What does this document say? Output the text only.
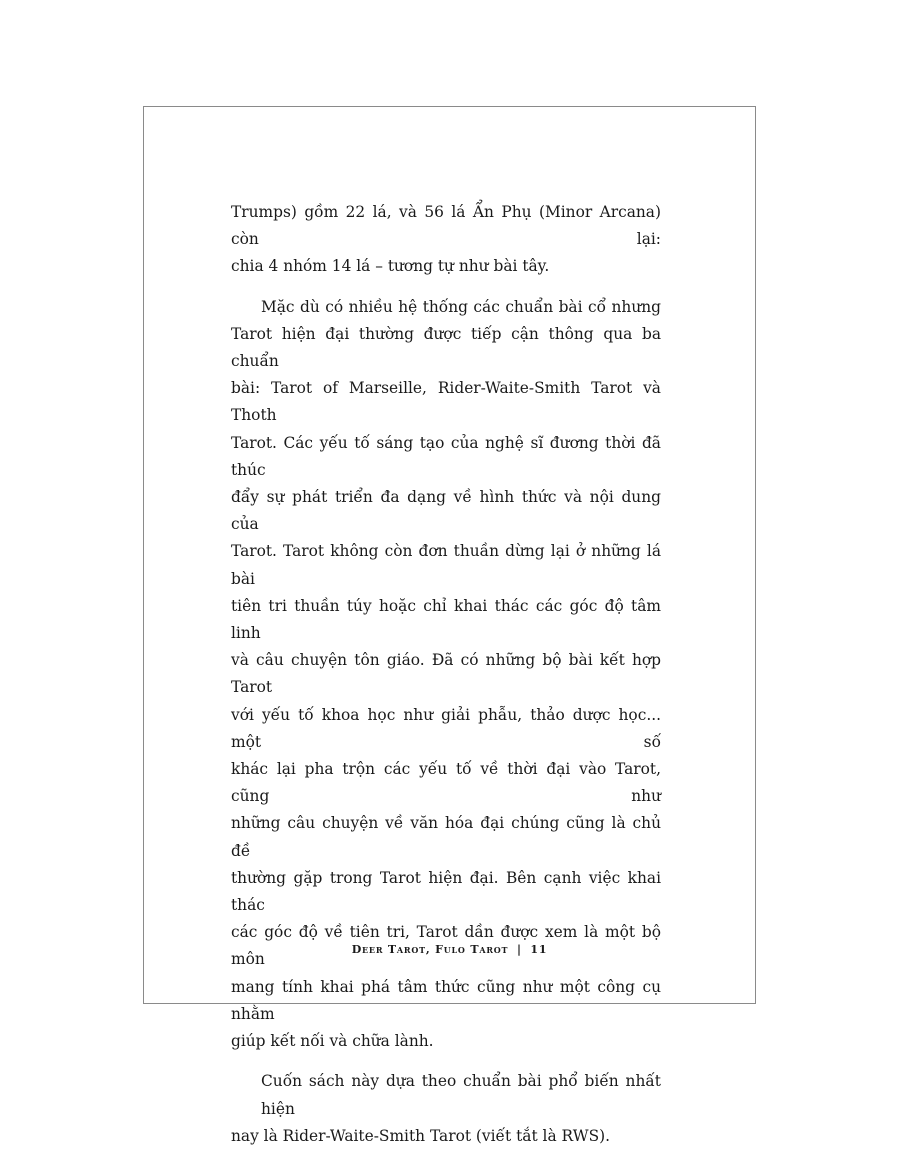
Trumps) gồm 22 lá, và 56 lá Ẩn Phụ (Minor Arcana) còn lại:
chia 4 nhóm 14 lá – tương tự như bài tây.

Mặc dù có nhiều hệ thống các chuẩn bài cổ nhưng
Tarot hiện đại thường được tiếp cận thông qua ba chuẩn
bài: Tarot of Marseille, Rider-Waite-Smith Tarot và Thoth
Tarot. Các yếu tố sáng tạo của nghệ sĩ đương thời đã thúc
đẩy sự phát triển đa dạng về hình thức và nội dung của
Tarot. Tarot không còn đơn thuần dừng lại ở những lá bài
tiên tri thuần túy hoặc chỉ khai thác các góc độ tâm linh
và câu chuyện tôn giáo. Đã có những bộ bài kết hợp Tarot
với yếu tố khoa học như giải phẫu, thảo dược học... một số
khác lại pha trộn các yếu tố về thời đại vào Tarot, cũng như
những câu chuyện về văn hóa đại chúng cũng là chủ đề
thường gặp trong Tarot hiện đại. Bên cạnh việc khai thác
các góc độ về tiên tri, Tarot dần được xem là một bộ môn
mang tính khai phá tâm thức cũng như một công cụ nhằm
giúp kết nối và chữa lành.

Cuốn sách này dựa theo chuẩn bài phổ biến nhất hiện
nay là Rider-Waite-Smith Tarot (viết tắt là RWS).

Deer Tarot, Fulo Tarot | 11
